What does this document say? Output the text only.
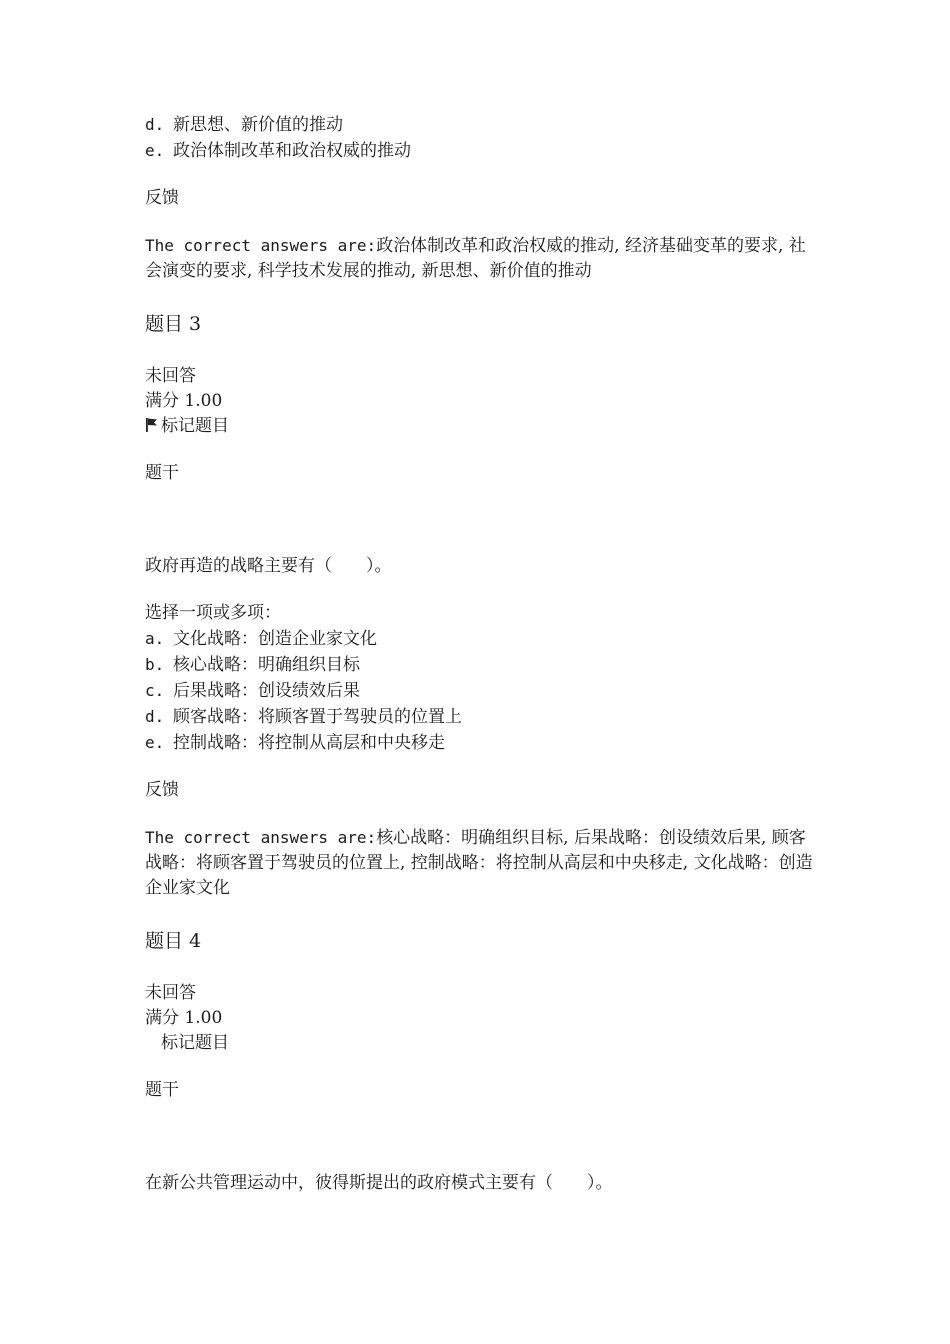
d. 新思想、新价值的推动
e. 政治体制改革和政治权威的推动
反馈
The correct answers are:政治体制改革和政治权威的推动, 经济基础变革的要求, 社会演变的要求, 科学技术发展的推动, 新思想、新价值的推动
题目 3
未回答
满分 1.00
标记题目
题干
政府再造的战略主要有（　　）。
选择一项或多项：
a. 文化战略：创造企业家文化
b. 核心战略：明确组织目标
c. 后果战略：创设绩效后果
d. 顾客战略：将顾客置于驾驶员的位置上
e. 控制战略：将控制从高层和中央移走
反馈
The correct answers are:核心战略：明确组织目标, 后果战略：创设绩效后果, 顾客战略：将顾客置于驾驶员的位置上, 控制战略：将控制从高层和中央移走, 文化战略：创造企业家文化
题目 4
未回答
满分 1.00
标记题目
题干
在新公共管理运动中，彼得斯提出的政府模式主要有（　　）。
